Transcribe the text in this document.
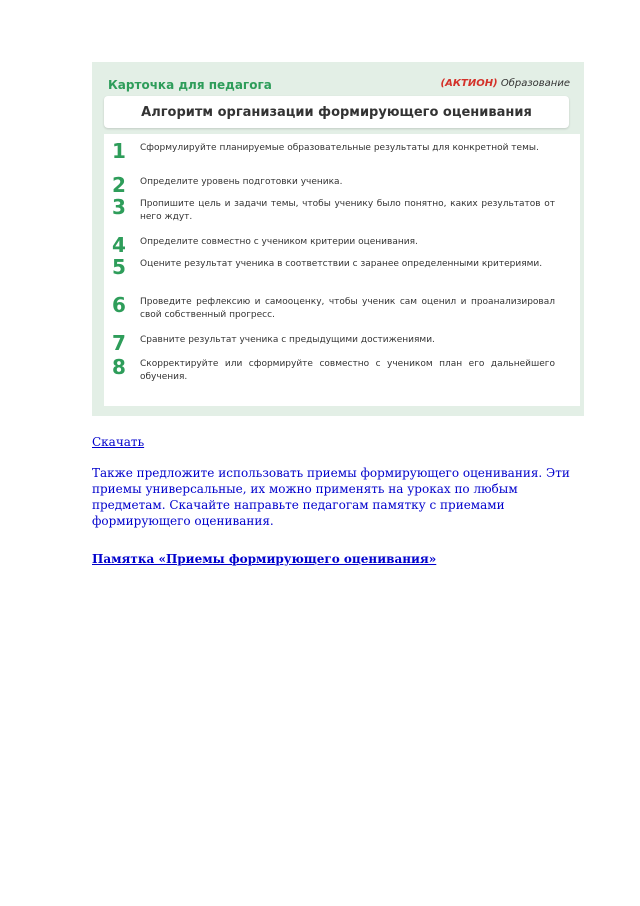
Карточка для педагога	(АКТИОН) Образование
Алгоритм организации формирующего оценивания
1	Сформулируйте планируемые образовательные результаты для конкретной темы.
2	Определите уровень подготовки ученика.
3	Пропишите цель и задачи темы, чтобы ученику было понятно, каких результатов от него ждут.
4	Определите совместно с учеником критерии оценивания.
5	Оцените результат ученика в соответствии с заранее определенными критериями.
6	Проведите рефлексию и самооценку, чтобы ученик сам оценил и проанализировал свой собственный прогресс.
7	Сравните результат ученика с предыдущими достижениями.
8	Скорректируйте или сформируйте совместно с учеником план его дальнейшего обучения.
Скачать
Также предложите использовать приемы формирующего оценивания. Эти приемы универсальные, их можно применять на уроках по любым предметам. Скачайте направьте педагогам памятку с приемами формирующего оценивания.
Памятка «Приемы формирующего оценивания»
